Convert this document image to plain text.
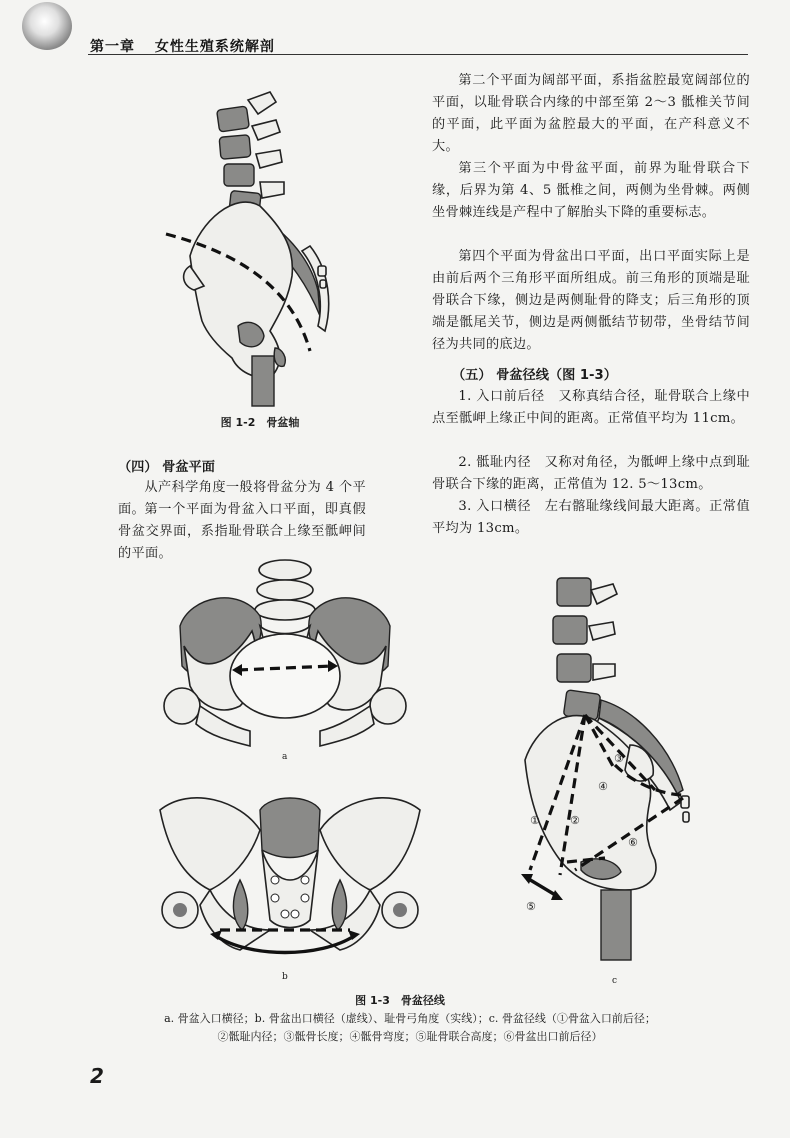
第一章 女性生殖系统解剖

图 1-2　骨盆轴

（四） 骨盆平面

从产科学角度一般将骨盆分为 4 个平面。 第一个平面为骨盆入口平面，即真假骨盆交界面，系指耻骨联合上缘至骶岬间的平面。

第二个平面为阔部平面，系指盆腔最宽阔部位的平面，以耻骨联合内缘的中部至第 2～3 骶椎关节间的平面，此平面为盆腔最大的平面，在产科意义不大。

第三个平面为中骨盆平面，前界为耻骨联合下缘，后界为第 4、5 骶椎之间，两侧为坐骨棘。两侧坐骨棘连线是产程中了解胎头下降的重要标志。

第四个平面为骨盆出口平面，出口平面实际上是由前后两个三角形平面所组成。前三角形的顶端是耻骨联合下缘，侧边是两侧耻骨的降支；后三角形的顶端是骶尾关节，侧边是两侧骶结节韧带，坐骨结节间径为共同的底边。

（五） 骨盆径线（图 1-3）

1. 入口前后径　又称真结合径，耻骨联合上缘中点至骶岬上缘正中间的距离。正常值平均为 11cm。

2. 骶耻内径　又称对角径，为骶岬上缘中点到耻骨联合下缘的距离，正常值为 12. 5～13cm。

3. 入口横径　左右髂耻缘线间最大距离。正常值平均为 13cm。

a
b
①	②
③
④
⑤
⑥
c

图 1-3　骨盆径线

a. 骨盆入口横径；b. 骨盆出口横径（虚线）、耻骨弓角度（实线）；c. 骨盆径线（①骨盆入口前后径；

②骶耻内径；③骶骨长度；④骶骨弯度；⑤耻骨联合高度；⑥骨盆出口前后径）

2
